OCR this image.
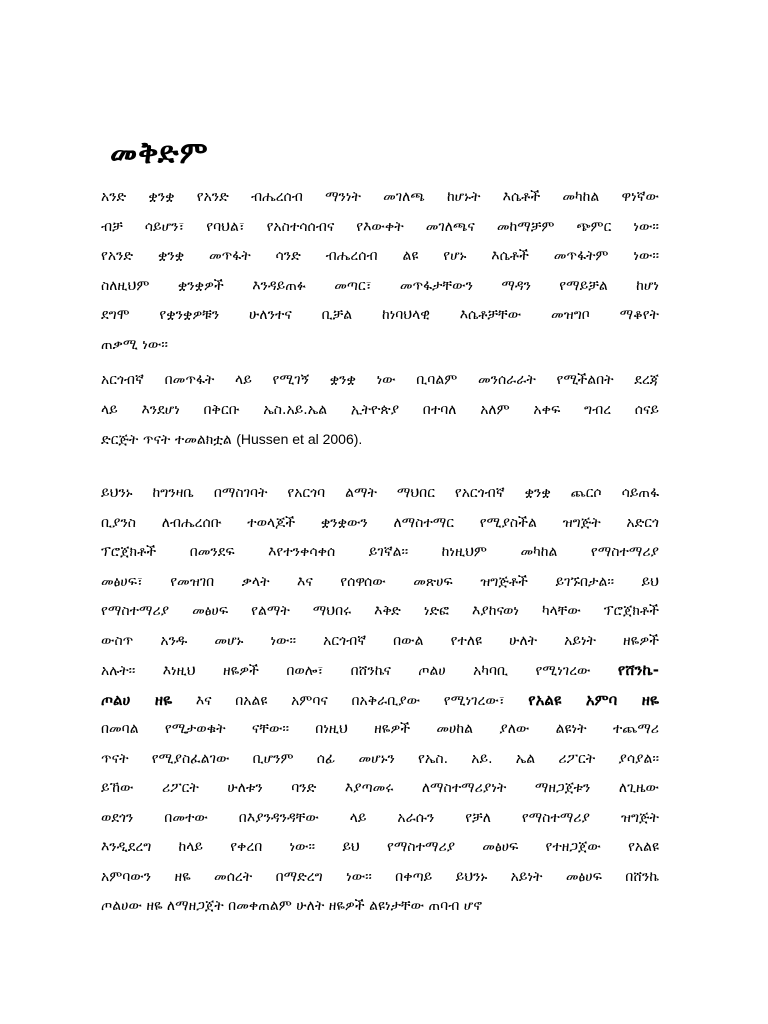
መቅድም
አንድ ቋንቋ የአንድ ብሔረሰብ ማንነት መገለጫ ከሆኑት እሴቶች መካከል ዋነኛው
ብቻ ሳይሆን፣ የባህል፣ የአስተሳሰብና የእውቀት መገለጫና መከማቻም ጭምር ነው፡፡
የአንድ ቋንቋ መጥፋት ሳንድ ብሔረሰብ ልዩ የሆኑ እሴቶች መጥፋትም ነው፡፡
ስለዚህም ቋንቋዎች እንዳይጠፉ መጣር፣ መጥፋታቸውን ማዳን የማይቻል ከሆነ
ደግሞ የቋንቋዎቹን ሁለንተና ቢቻል ከነባህላዊ እሴቶቻቸው መዝግቦ ማቆየት
ጠቃሚ ነው፡፡
አርጎብኛ በመጥፋት ላይ የሚገኝ ቋንቋ ነው ቢባልም መንሰራራት የሚችልበት ደረጃ
ላይ እንደሆነ በቅርቡ ኤስ.አይ.ኤል ኢትዮጵያ በተባለ አለም አቀፍ ግብረ ሰናይ
ድርጅት ጥናት ተመልክቷል (Hussen et al 2006).
ይህንኑ ከግንዛቤ በማስገባት የአርጎባ ልማት ማህበር የአርጎብኛ ቋንቋ ጨርሶ ሳይጠፋ
ቢያንስ ለብሔረሰቡ ተወላጆች ቋንቋውን ለማስተማር የሚያስችል ዝግጅት አድርጎ
ፕሮጀክቶች በመንደፍ እየተንቀሳቀሰ ይገኛል፡፡ ከነዚህም መካከል የማስተማሪያ
መፅሀፍ፣ የመዝገበ ቃላት እና የሰዋሰው መጽሀፍ ዝግጅቶች ይገኙበታል፡፡ ይህ
የማስተማሪያ መፅሀፍ የልማት ማህበሩ እቅድ ነድፎ እያከናወነ ካላቸው ፕሮጀክቶች
ውስጥ አንዱ መሆኑ ነው፡፡ አርጎብኛ በውል የተለዩ ሁለት አይነት ዘዬዎች
አሉት፡፡ እነዚህ ዘዬዎች በወሎ፣ በሸንኬና ጦልሀ አካባቢ የሚነገረው የሸንኬ-
ጦልሀ ዘዬ እና በአልዩ አምባና በአቅራቢያው የሚነገረው፣ የአልዩ አምባ ዘዬ
በመባል የሚታወቁት ናቸው፡፡ በነዚህ ዘዬዎች መሀከል ያለው ልዩነት ተጨማሪ
ጥናት የሚያስፈልገው ቢሆንም ሰፊ መሆኑን የኤስ. አይ. ኤል ሪፖርት ያሳያል፡፡
ይኸው ሪፖርት ሁለቱን ባንድ እያጣመሩ ለማስተማሪያነት ማዘጋጀቱን ለጊዜው
ወደጎን በመተው በእያንዳንዳቸው ላይ አራሱን የቻለ የማስተማሪያ ዝግጅት
እንዲደረግ ከላይ የቀረበ ነው፡፡ ይህ የማስተማሪያ መፅሀፍ የተዘጋጀው የአልዩ
አምባውን ዘዬ መሰረት በማድረግ ነው፡፡ በቀጣይ ይህንኑ አይነት መፅሀፍ በሸንኬ
ጦልሀው ዘዬ ለማዘጋጀት በመቀጠልም ሁለት ዘዬዎች ልዩነታቸው ጠባብ ሆኖ
